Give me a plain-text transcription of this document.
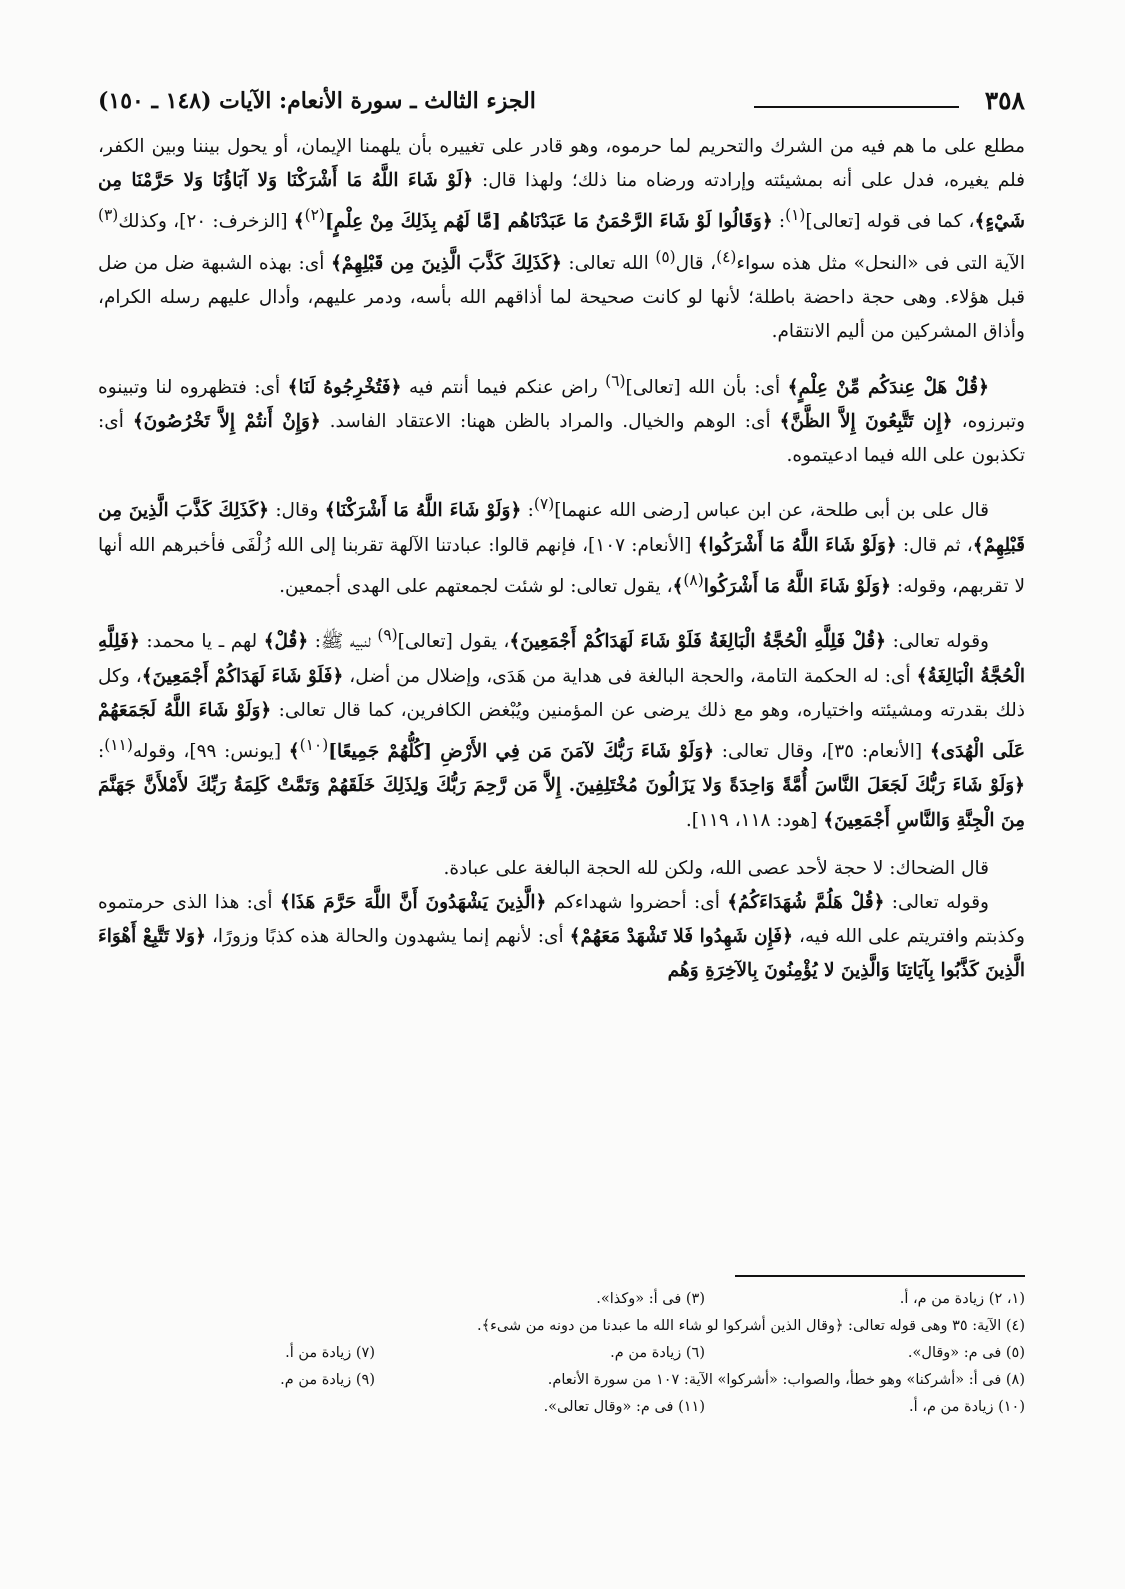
٣٥٨
الجزء الثالث ـ سورة الأنعام: الآيات (١٤٨ ـ ١٥٠)

مطلع على ما هم فيه من الشرك والتحريم لما حرموه، وهو قادر على تغييره بأن يلهمنا الإيمان، أو يحول بيننا وبين الكفر، فلم يغيره، فدل على أنه بمشيئته وإرادته ورضاه منا ذلك؛ ولهذا قال: ﴿لَوْ شَاءَ اللَّهُ مَا أَشْرَكْنَا وَلا آبَاؤُنَا وَلا حَرَّمْنَا مِن شَيْءٍ﴾، كما فى قوله [تعالى]$^{(١)}$: ﴿وَقَالُوا لَوْ شَاءَ الرَّحْمَنُ مَا عَبَدْنَاهُم [مَّا لَهُم بِذَلِكَ مِنْ عِلْمٍ]$^{(٢)}$﴾ [الزخرف: ٢٠]، وكذلك$^{(٣)}$ الآية التى فى «النحل» مثل هذه سواء$^{(٤)}$، قال$^{(٥)}$ الله تعالى: ﴿كَذَلِكَ كَذَّبَ الَّذِينَ مِن قَبْلِهِمْ﴾ أى: بهذه الشبهة ضل من ضل قبل هؤلاء. وهى حجة داحضة باطلة؛ لأنها لو كانت صحيحة لما أذاقهم الله بأسه، ودمر عليهم، وأدال عليهم رسله الكرام، وأذاق المشركين من أليم الانتقام.

﴿قُلْ هَلْ عِندَكُم مِّنْ عِلْمٍ﴾ أى: بأن الله [تعالى]$^{(٦)}$ راض عنكم فيما أنتم فيه ﴿فَتُخْرِجُوهُ لَنَا﴾ أى: فتظهروه لنا وتبينوه وتبرزوه، ﴿إِن تَتَّبِعُونَ إِلاَّ الظَّنَّ﴾ أى: الوهم والخيال. والمراد بالظن ههنا: الاعتقاد الفاسد. ﴿وَإِنْ أَنتُمْ إِلاَّ تَخْرُصُونَ﴾ أى: تكذبون على الله فيما ادعيتموه.

قال على بن أبى طلحة، عن ابن عباس [رضى الله عنهما]$^{(٧)}$: ﴿وَلَوْ شَاءَ اللَّهُ مَا أَشْرَكْنَا﴾ وقال: ﴿كَذَلِكَ كَذَّبَ الَّذِينَ مِن قَبْلِهِمْ﴾، ثم قال: ﴿وَلَوْ شَاءَ اللَّهُ مَا أَشْرَكُوا﴾ [الأنعام: ١٠٧]، فإنهم قالوا: عبادتنا الآلهة تقربنا إلى الله زُلْفَى فأخبرهم الله أنها لا تقربهم، وقوله: ﴿وَلَوْ شَاءَ اللَّهُ مَا أَشْرَكُوا$^{(٨)}$﴾، يقول تعالى: لو شئت لجمعتهم على الهدى أجمعين.

وقوله تعالى: ﴿قُلْ فَلِلَّهِ الْحُجَّةُ الْبَالِغَةُ فَلَوْ شَاءَ لَهَدَاكُمْ أَجْمَعِينَ﴾، يقول [تعالى]$^{(٩)}$ لنبيه ﷺ: ﴿قُلْ﴾ لهم ـ يا محمد: ﴿فَلِلَّهِ الْحُجَّةُ الْبَالِغَةُ﴾ أى: له الحكمة التامة، والحجة البالغة فى هداية من هَدَى، وإضلال من أضل، ﴿فَلَوْ شَاءَ لَهَدَاكُمْ أَجْمَعِينَ﴾، وكل ذلك بقدرته ومشيئته واختياره، وهو مع ذلك يرضى عن المؤمنين ويُبْغض الكافرين، كما قال تعالى: ﴿وَلَوْ شَاءَ اللَّهُ لَجَمَعَهُمْ عَلَى الْهُدَى﴾ [الأنعام: ٣٥]، وقال تعالى: ﴿وَلَوْ شَاءَ رَبُّكَ لآمَنَ مَن فِي الأَرْضِ [كُلُّهُمْ جَمِيعًا]$^{(١٠)}$﴾ [يونس: ٩٩]، وقوله$^{(١١)}$: ﴿وَلَوْ شَاءَ رَبُّكَ لَجَعَلَ النَّاسَ أُمَّةً وَاحِدَةً وَلا يَزَالُونَ مُخْتَلِفِينَ. إِلاَّ مَن رَّحِمَ رَبُّكَ وَلِذَلِكَ خَلَقَهُمْ وَتَمَّتْ كَلِمَةُ رَبِّكَ لأَمْلأَنَّ جَهَنَّمَ مِنَ الْجِنَّةِ وَالنَّاسِ أَجْمَعِينَ﴾ [هود: ١١٨، ١١٩].

قال الضحاك: لا حجة لأحد عصى الله، ولكن لله الحجة البالغة على عبادة.

وقوله تعالى: ﴿قُلْ هَلُمَّ شُهَدَاءَكُمُ﴾ أى: أحضروا شهداءكم ﴿الَّذِينَ يَشْهَدُونَ أَنَّ اللَّهَ حَرَّمَ هَذَا﴾ أى: هذا الذى حرمتموه وكذبتم وافتريتم على الله فيه، ﴿فَإِن شَهِدُوا فَلا تَشْهَدْ مَعَهُمْ﴾ أى: لأنهم إنما يشهدون والحالة هذه كذبًا وزورًا، ﴿وَلا تَتَّبِعْ أَهْوَاءَ الَّذِينَ كَذَّبُوا بِآيَاتِنَا وَالَّذِينَ لا يُؤْمِنُونَ بِالآخِرَةِ وَهُم

(١، ٢) زيادة من م، أ.
(٣) فى أ: «وكذا».
(٤) الآية: ٣٥ وهى قوله تعالى: ﴿وقال الذين أشركوا لو شاء الله ما عبدنا من دونه من شىء﴾.
(٥) فى م: «وقال».
(٦) زيادة من م.
(٧) زيادة من أ.
(٨) فى أ: «أشركنا» وهو خطأ، والصواب: «أشركوا» الآية: ١٠٧ من سورة الأنعام.
(٩) زيادة من م.
(١٠) زيادة من م، أ.
(١١) فى م: «وقال تعالى».
